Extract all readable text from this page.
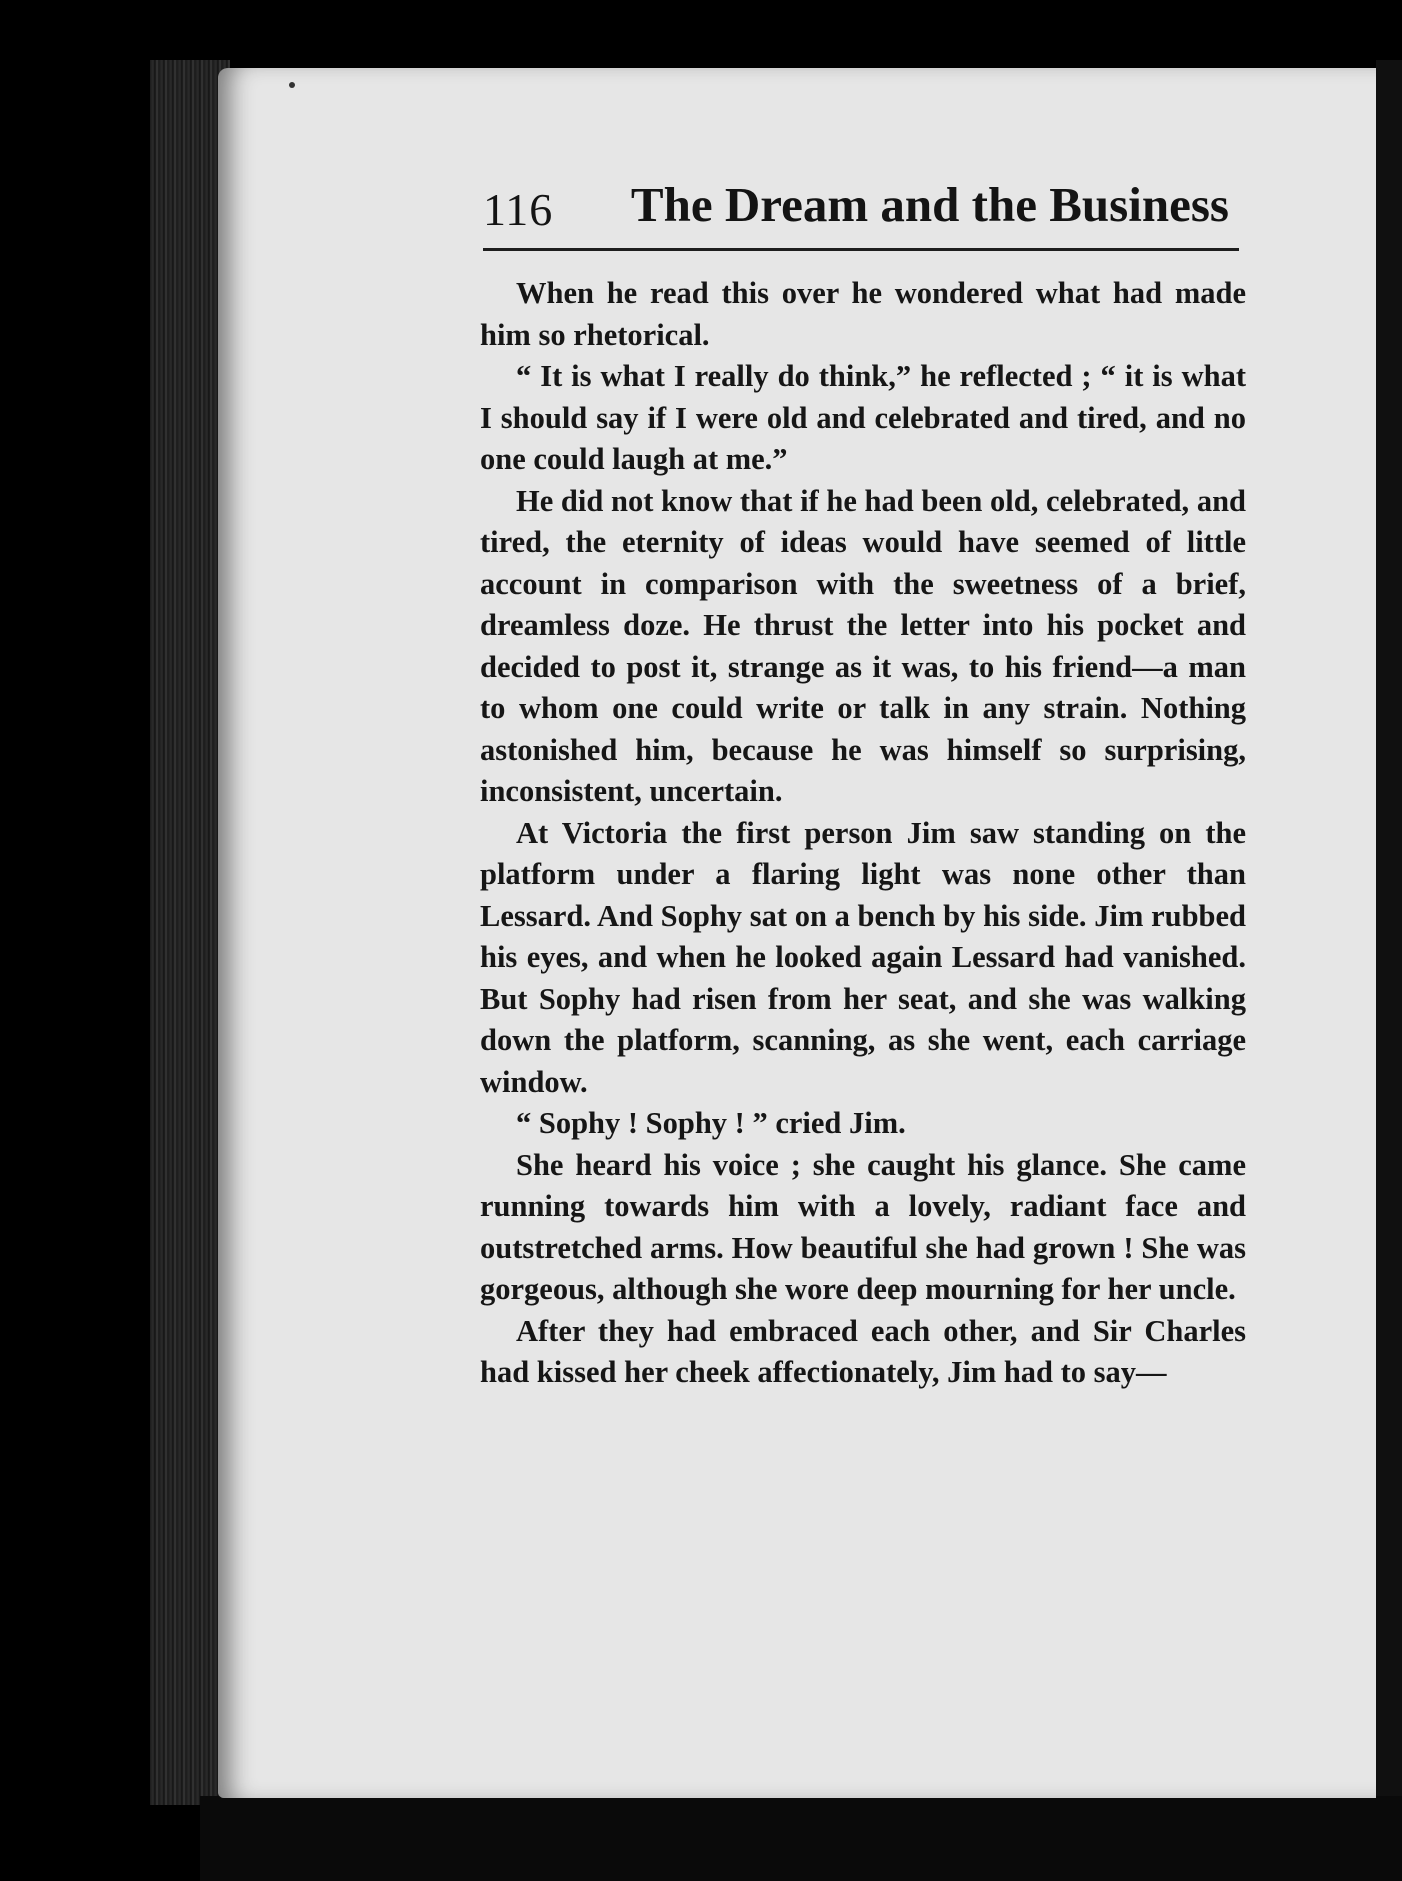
116 The Dream and the Business

When he read this over he wondered what had made him so rhetorical.

“ It is what I really do think,” he reflected ; “ it is what I should say if I were old and celebrated and tired, and no one could laugh at me.”

He did not know that if he had been old, celebrated, and tired, the eternity of ideas would have seemed of little account in comparison with the sweetness of a brief, dreamless doze. He thrust the letter into his pocket and decided to post it, strange as it was, to his friend—a man to whom one could write or talk in any strain. Nothing astonished him, because he was himself so surprising, inconsistent, uncertain.

At Victoria the first person Jim saw standing on the platform under a flaring light was none other than Lessard. And Sophy sat on a bench by his side. Jim rubbed his eyes, and when he looked again Lessard had vanished. But Sophy had risen from her seat, and she was walking down the platform, scanning, as she went, each carriage window.

“ Sophy ! Sophy ! ” cried Jim.

She heard his voice ; she caught his glance. She came running towards him with a lovely, radiant face and outstretched arms. How beautiful she had grown ! She was gorgeous, although she wore deep mourning for her uncle.

After they had embraced each other, and Sir Charles had kissed her cheek affectionately, Jim had to say—
